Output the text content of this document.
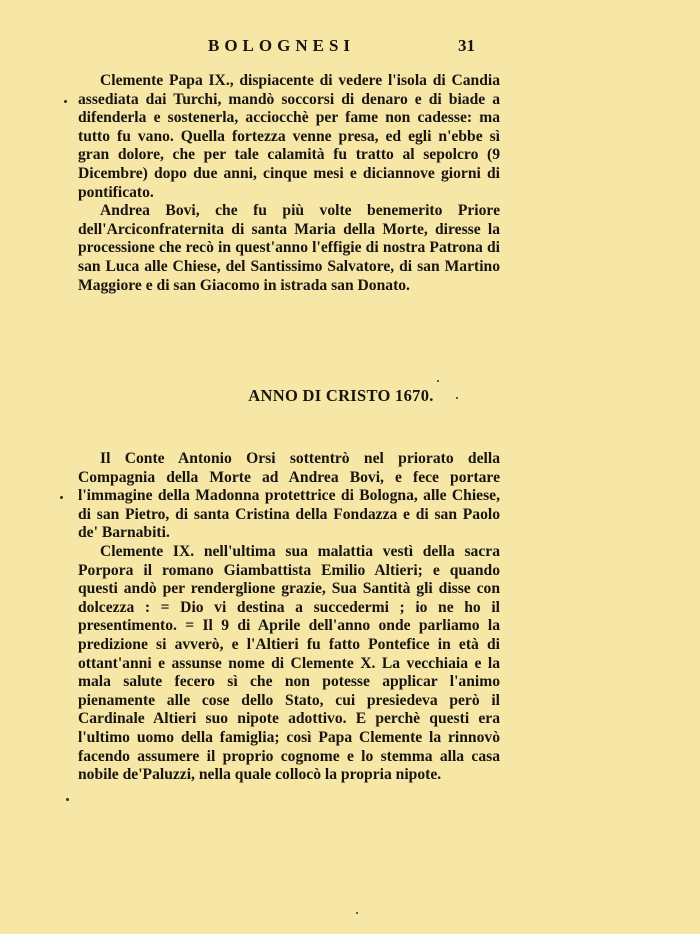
BOLOGNESI	31

Clemente Papa IX., dispiacente di vedere l'isola di Candia assediata dai Turchi, mandò soccorsi di denaro e di biade a difenderla e sostenerla, acciocchè per fame non cadesse: ma tutto fu vano. Quella fortezza venne presa, ed egli n'ebbe sì gran dolore, che per tale calamità fu tratto al sepolcro (9 Dicembre) dopo due anni, cinque mesi e diciannove giorni di pontificato.

Andrea Bovi, che fu più volte benemerito Priore dell'Arciconfraternita di santa Maria della Morte, diresse la processione che recò in quest'anno l'effigie di nostra Patrona di san Luca alle Chiese, del Santissimo Salvatore, di san Martino Maggiore e di san Giacomo in istrada san Donato.

ANNO DI CRISTO 1670.

Il Conte Antonio Orsi sottentrò nel priorato della Compagnia della Morte ad Andrea Bovi, e fece portare l'immagine della Madonna protettrice di Bologna, alle Chiese, di san Pietro, di santa Cristina della Fondazza e di san Paolo de' Barnabiti.

Clemente IX. nell'ultima sua malattia vestì della sacra Porpora il romano Giambattista Emilio Altieri; e quando questi andò per renderglione grazie, Sua Santità gli disse con dolcezza : = Dio vi destina a succedermi ; io ne ho il presentimento. = Il 9 di Aprile dell'anno onde parliamo la predizione si avverò, e l'Altieri fu fatto Pontefice in età di ottant'anni e assunse nome di Clemente X. La vecchiaia e la mala salute fecero sì che non potesse applicar l'animo pienamente alle cose dello Stato, cui presiedeva però il Cardinale Altieri suo nipote adottivo. E perchè questi era l'ultimo uomo della famiglia; così Papa Clemente la rinnovò facendo assumere il proprio cognome e lo stemma alla casa nobile de'Paluzzi, nella quale collocò la propria nipote.
